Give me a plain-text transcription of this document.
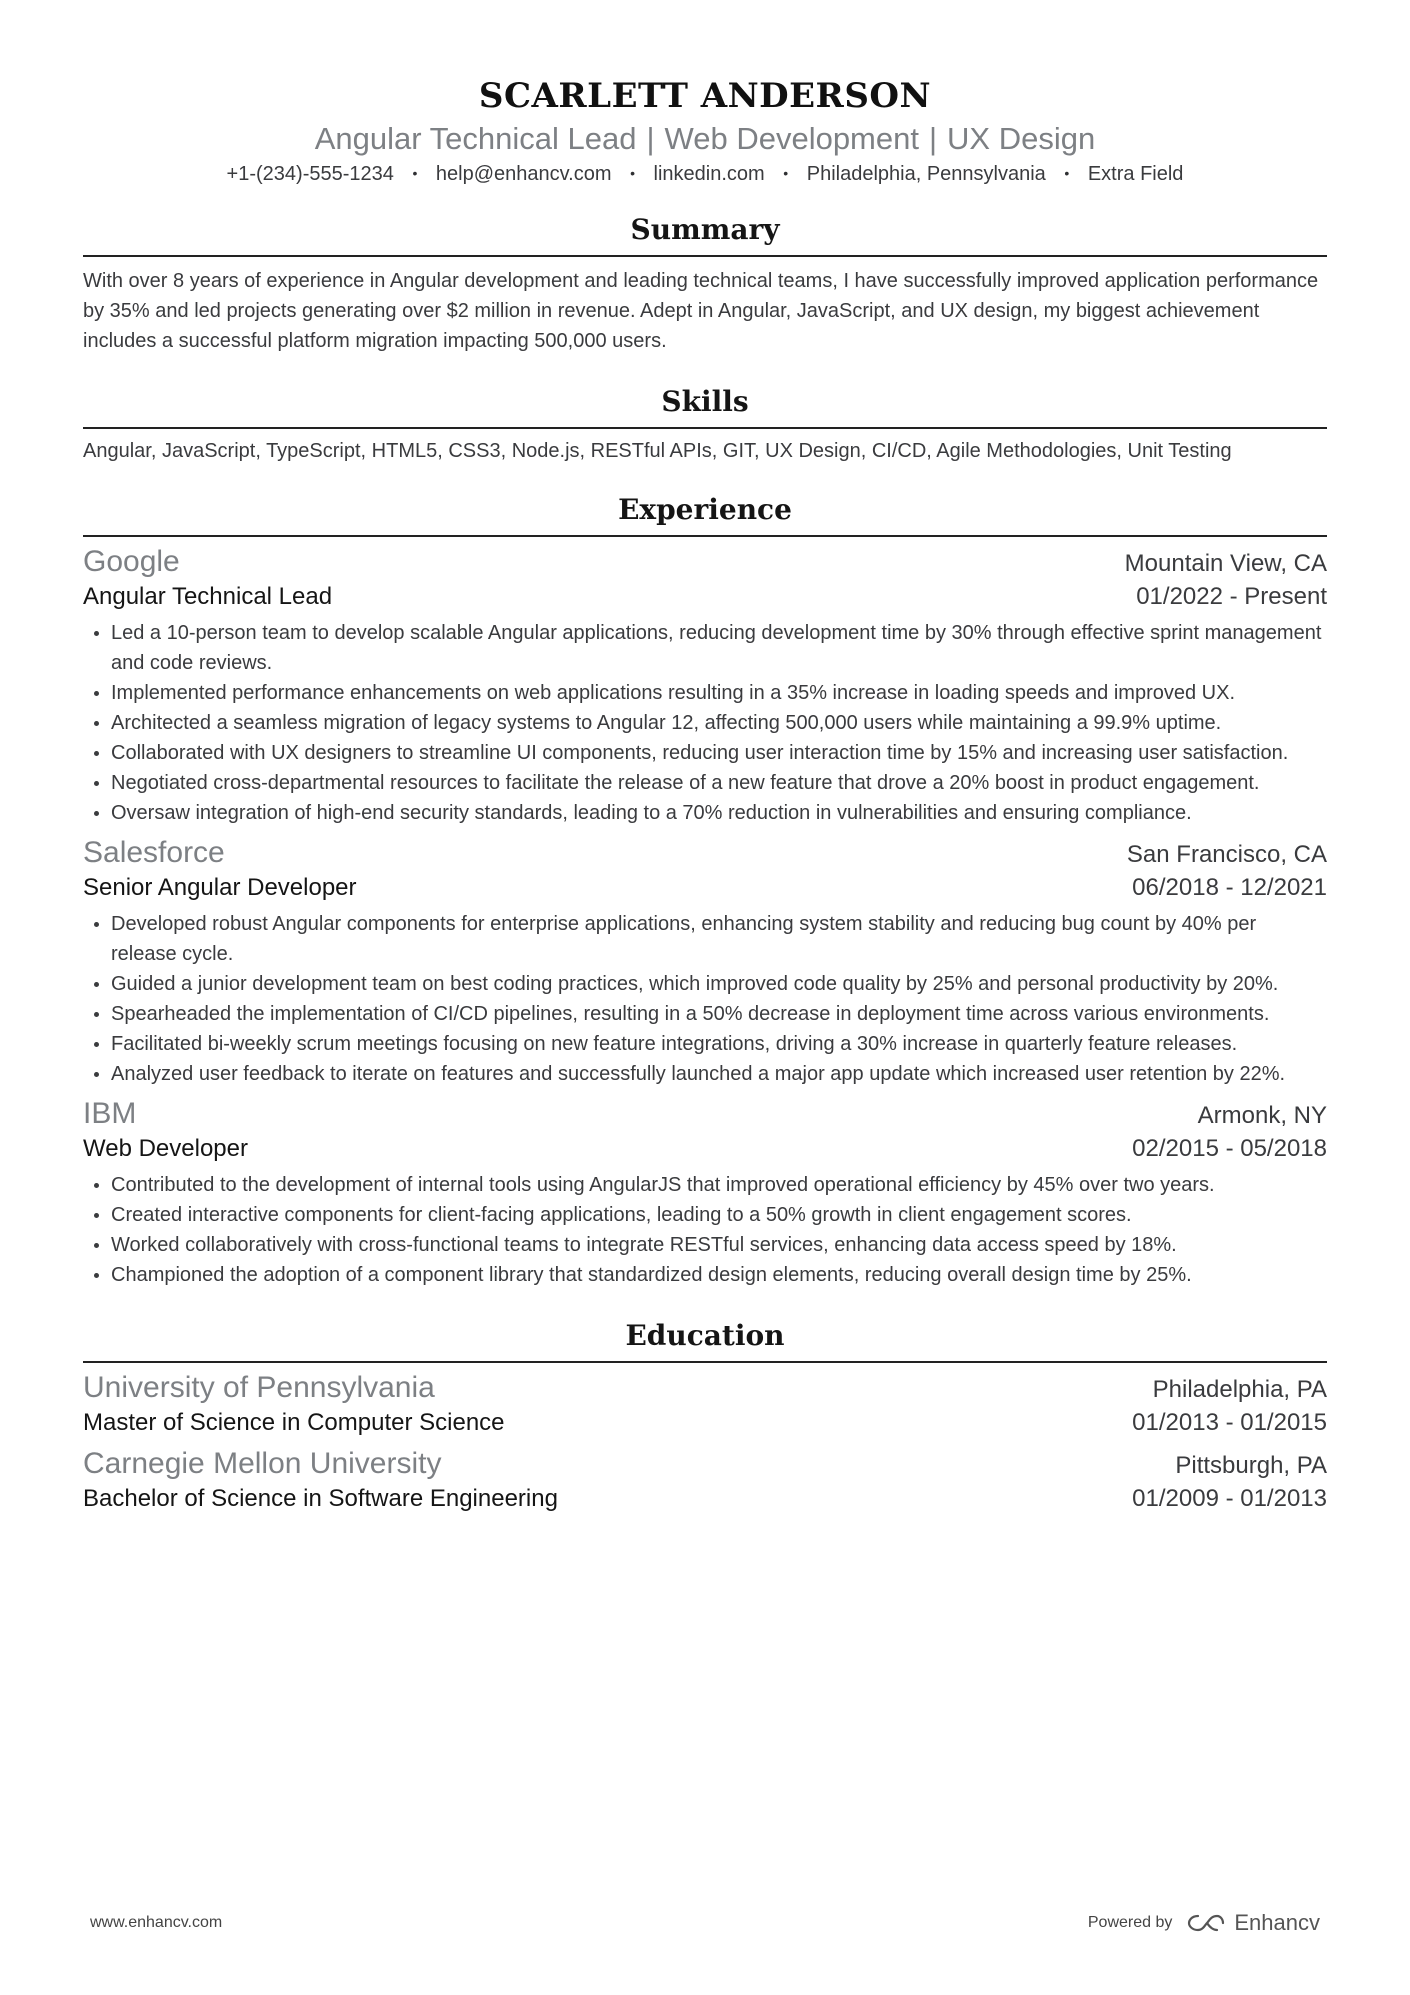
SCARLETT ANDERSON
Angular Technical Lead | Web Development | UX Design
+1-(234)-555-1234 • help@enhancv.com • linkedin.com • Philadelphia, Pennsylvania • Extra Field
Summary
With over 8 years of experience in Angular development and leading technical teams, I have successfully improved application performance by 35% and led projects generating over $2 million in revenue. Adept in Angular, JavaScript, and UX design, my biggest achievement includes a successful platform migration impacting 500,000 users.
Skills
Angular, JavaScript, TypeScript, HTML5, CSS3, Node.js, RESTful APIs, GIT, UX Design, CI/CD, Agile Methodologies, Unit Testing
Experience
Google	Mountain View, CA
Angular Technical Lead	01/2022 - Present
Led a 10-person team to develop scalable Angular applications, reducing development time by 30% through effective sprint management and code reviews.
Implemented performance enhancements on web applications resulting in a 35% increase in loading speeds and improved UX.
Architected a seamless migration of legacy systems to Angular 12, affecting 500,000 users while maintaining a 99.9% uptime.
Collaborated with UX designers to streamline UI components, reducing user interaction time by 15% and increasing user satisfaction.
Negotiated cross-departmental resources to facilitate the release of a new feature that drove a 20% boost in product engagement.
Oversaw integration of high-end security standards, leading to a 70% reduction in vulnerabilities and ensuring compliance.
Salesforce	San Francisco, CA
Senior Angular Developer	06/2018 - 12/2021
Developed robust Angular components for enterprise applications, enhancing system stability and reducing bug count by 40% per release cycle.
Guided a junior development team on best coding practices, which improved code quality by 25% and personal productivity by 20%.
Spearheaded the implementation of CI/CD pipelines, resulting in a 50% decrease in deployment time across various environments.
Facilitated bi-weekly scrum meetings focusing on new feature integrations, driving a 30% increase in quarterly feature releases.
Analyzed user feedback to iterate on features and successfully launched a major app update which increased user retention by 22%.
IBM	Armonk, NY
Web Developer	02/2015 - 05/2018
Contributed to the development of internal tools using AngularJS that improved operational efficiency by 45% over two years.
Created interactive components for client-facing applications, leading to a 50% growth in client engagement scores.
Worked collaboratively with cross-functional teams to integrate RESTful services, enhancing data access speed by 18%.
Championed the adoption of a component library that standardized design elements, reducing overall design time by 25%.
Education
University of Pennsylvania	Philadelphia, PA
Master of Science in Computer Science	01/2013 - 01/2015
Carnegie Mellon University	Pittsburgh, PA
Bachelor of Science in Software Engineering	01/2009 - 01/2013
www.enhancv.com	Powered by	Enhancv
